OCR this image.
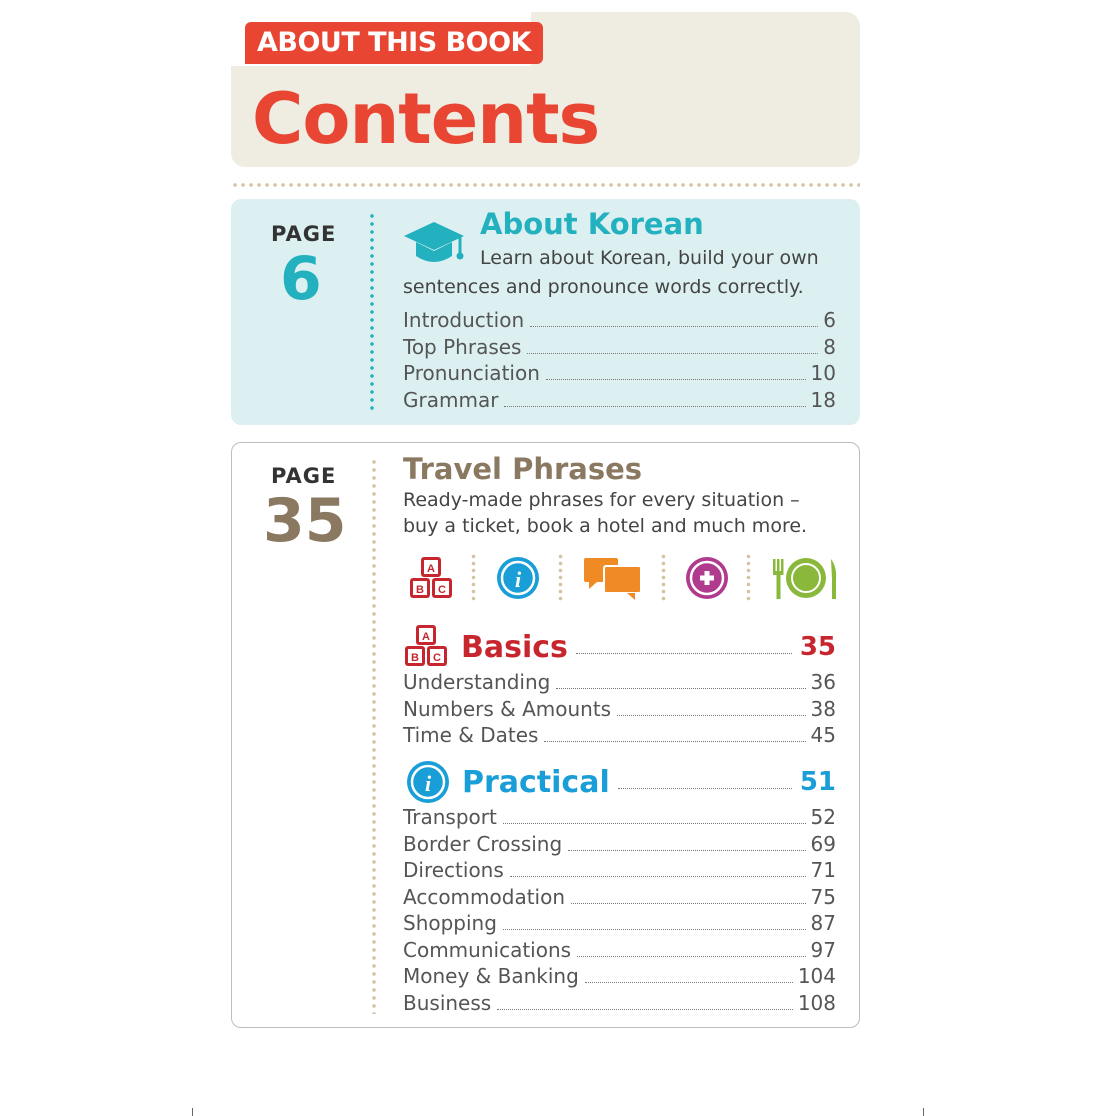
ABOUT THIS BOOK
Contents
PAGE
6
About Korean
Learn about Korean, build your own
sentences and pronounce words correctly.
Introduction	6
Top Phrases	8
Pronunciation	10
Grammar	18
PAGE
35
Travel Phrases
Ready-made phrases for every situation –
buy a ticket, book a hotel and much more.
A
B C	i
A
B C Basics	35
Understanding	36
Numbers & Amounts	38
Time & Dates	45
i Practical	51
Transport	52
Border Crossing	69
Directions	71
Accommodation	75
Shopping	87
Communications	97
Money & Banking	104
Business	108
